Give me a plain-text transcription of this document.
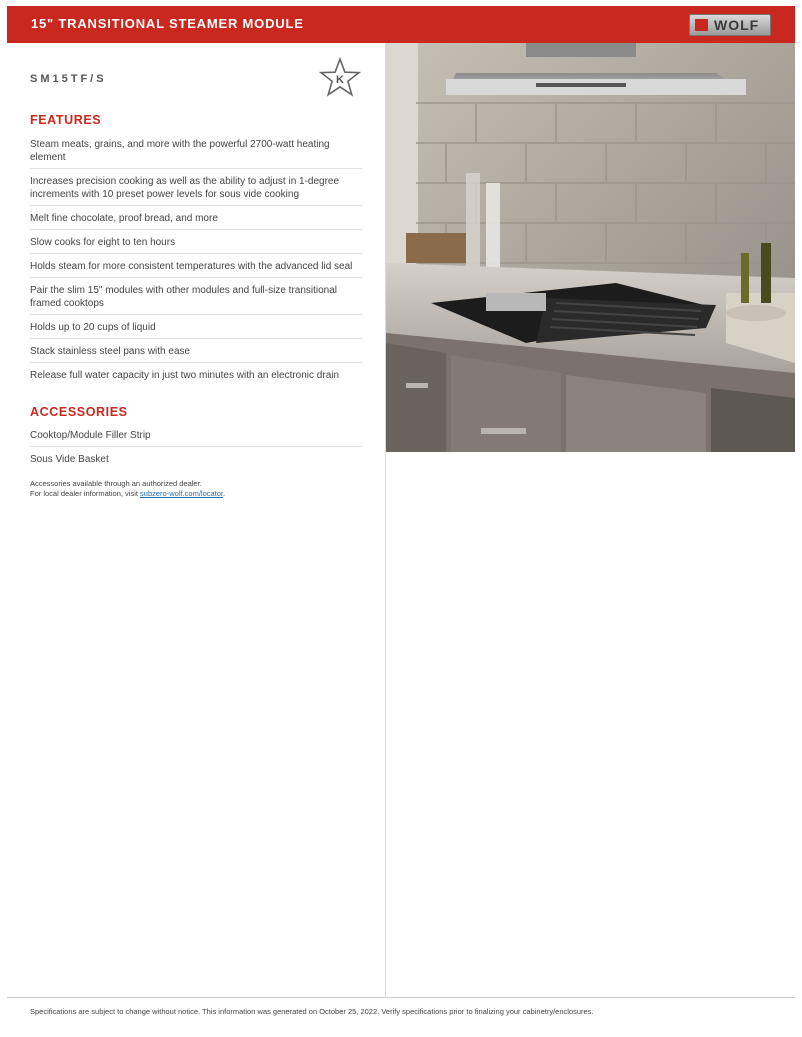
15" TRANSITIONAL STEAMER MODULE	WOLF
SM15TF/S	K
FEATURES
Steam meats, grains, and more with the powerful 2700-watt heating element
Increases precision cooking as well as the ability to adjust in 1-degree increments with 10 preset power levels for sous vide cooking
Melt fine chocolate, proof bread, and more
Slow cooks for eight to ten hours
Holds steam for more consistent temperatures with the advanced lid seal
Pair the slim 15" modules with other modules and full-size transitional framed cooktops
Holds up to 20 cups of liquid
Stack stainless steel pans with ease
Release full water capacity in just two minutes with an electronic drain
ACCESSORIES
Cooktop/Module Filler Strip
Sous Vide Basket
Accessories available through an authorized dealer.
For local dealer information, visit subzero-wolf.com/locator.
Specifications are subject to change without notice. This information was generated on October 25, 2022. Verify specifications prior to finalizing your cabinetry/enclosures.
